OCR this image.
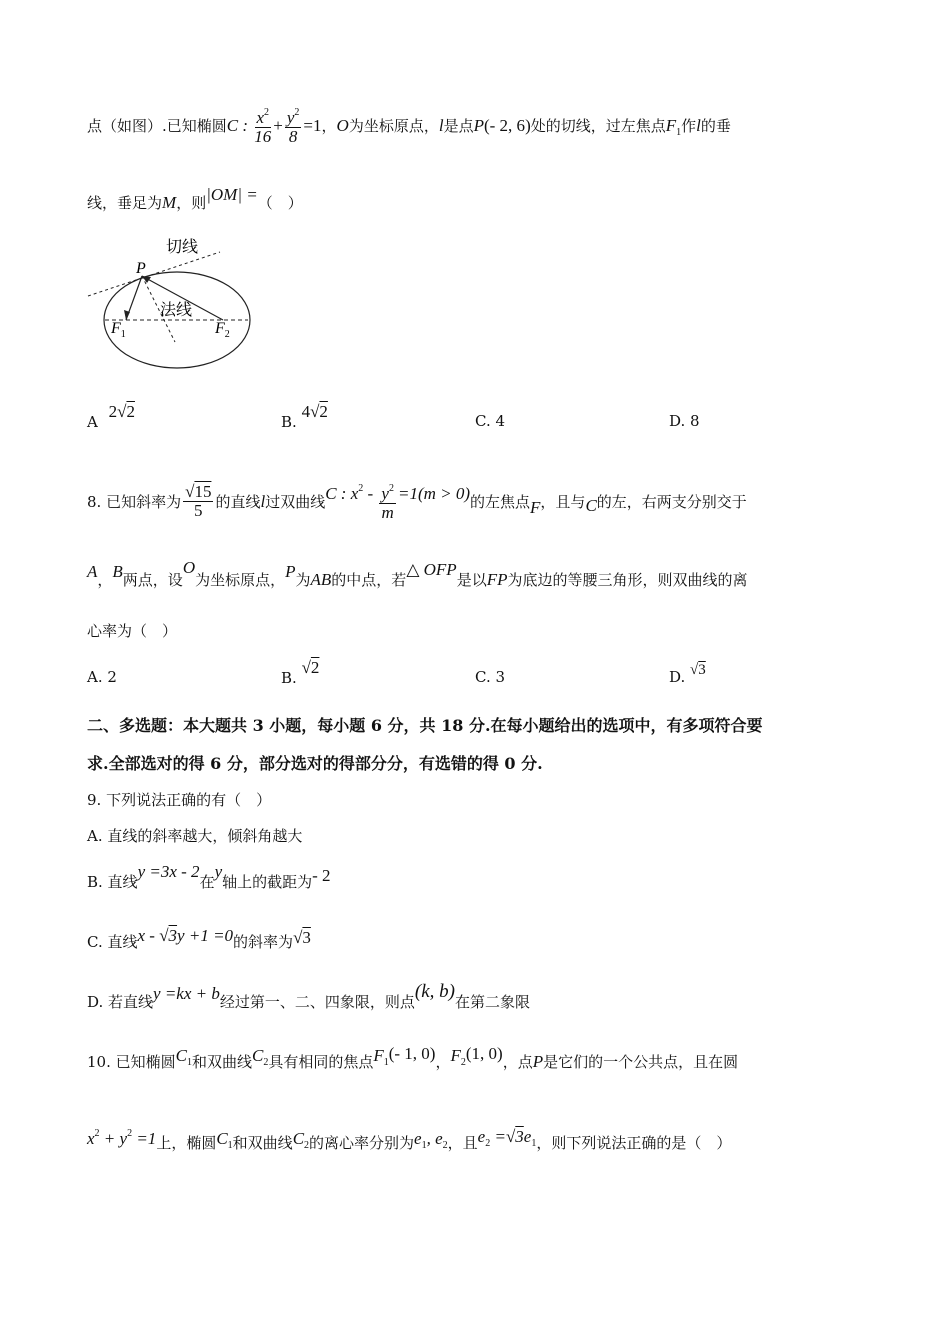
点（如图）.已知椭圆C : $\frac{x^2}{16} + \frac{y^2}{8} =1$，O为坐标原点，l是点P(- 2, 6)处的切线，过左焦点$F_1$作l的垂
线，垂足为M，则|OM| =（　）
切线
P
法线
$F_1$	$F_2$
A 2√2
B. 4√2	C. 4	D. 8
8. 已知斜率为 $\frac{√15}{5}$ 的直线l过双曲线C : $x^2 - \frac{y^2}{m} =1(m > 0)$的左焦点F，且与C的左，右两支分别交于
A，B两点，设O为坐标原点，P为AB的中点，若△ OFP是以FP为底边的等腰三角形，则双曲线的离
心率为（　）
A. 2	B. √2	C. 3	D. √3
二、多选题：本大题共 3 小题，每小题 6 分，共 18 分.在每小题给出的选项中，有多项符合要
求.全部选对的得 6 分，部分选对的得部分分，有选错的得 0 分.
9. 下列说法正确的有（　）
A. 直线的斜率越大，倾斜角越大
B. 直线y =3x - 2在y轴上的截距为- 2
C. 直线x - √3y +1 =0的斜率为√3
D. 若直线y =kx + b经过第一、二、四象限，则点(k, b)在第二象限
10. 已知椭圆$C_1$和双曲线$C_2$具有相同的焦点$F_1(-$ 1, 0)，$F_2(1$, 0)，点P是它们的一个公共点，且在圆
$x^2 + y^2 =1$上，椭圆$C_1$和双曲线$C_2$的离心率分别为$e_1$, $e_2$，且$e_2 =√3e_1$，则下列说法正确的是（　）
